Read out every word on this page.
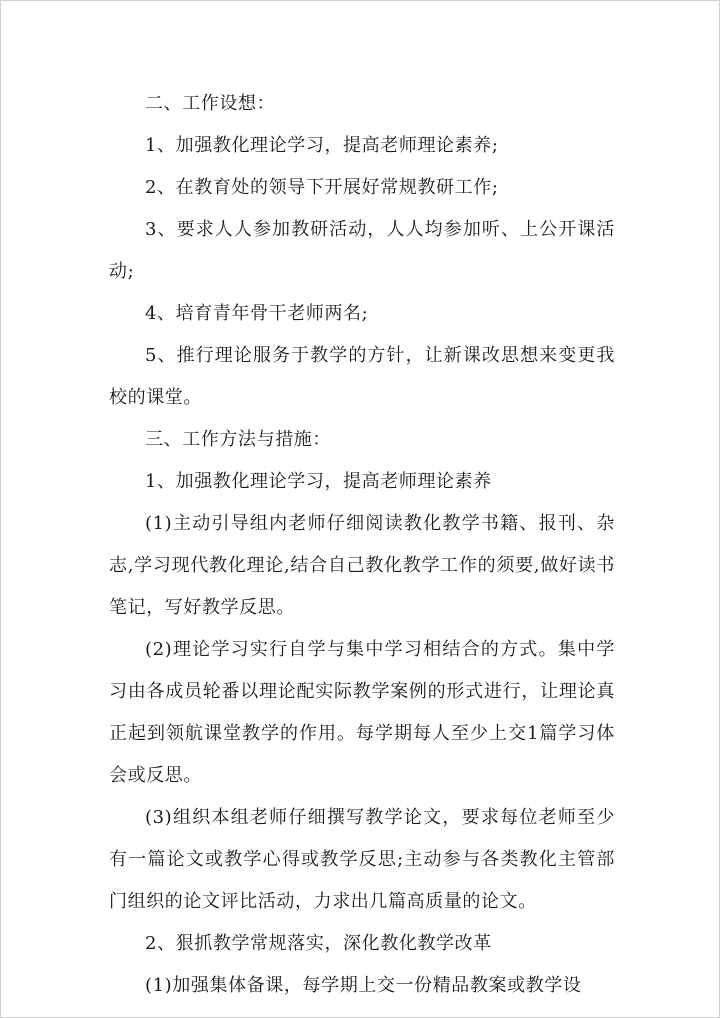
二、工作设想：

1、加强教化理论学习，提高老师理论素养;

2、在教育处的领导下开展好常规教研工作;

3、要求人人参加教研活动，人人均参加听、上公开课活动;

4、培育青年骨干老师两名;

5、推行理论服务于教学的方针，让新课改思想来变更我校的课堂。

三、工作方法与措施：

1、加强教化理论学习，提高老师理论素养

(1)主动引导组内老师仔细阅读教化教学书籍、报刊、杂志,学习现代教化理论,结合自己教化教学工作的须要,做好读书笔记，写好教学反思。

(2)理论学习实行自学与集中学习相结合的方式。集中学习由各成员轮番以理论配实际教学案例的形式进行，让理论真正起到领航课堂教学的作用。每学期每人至少上交1篇学习体会或反思。

(3)组织本组老师仔细撰写教学论文，要求每位老师至少有一篇论文或教学心得或教学反思;主动参与各类教化主管部门组织的论文评比活动，力求出几篇高质量的论文。

2、狠抓教学常规落实，深化教化教学改革

(1)加强集体备课，每学期上交一份精品教案或教学设
